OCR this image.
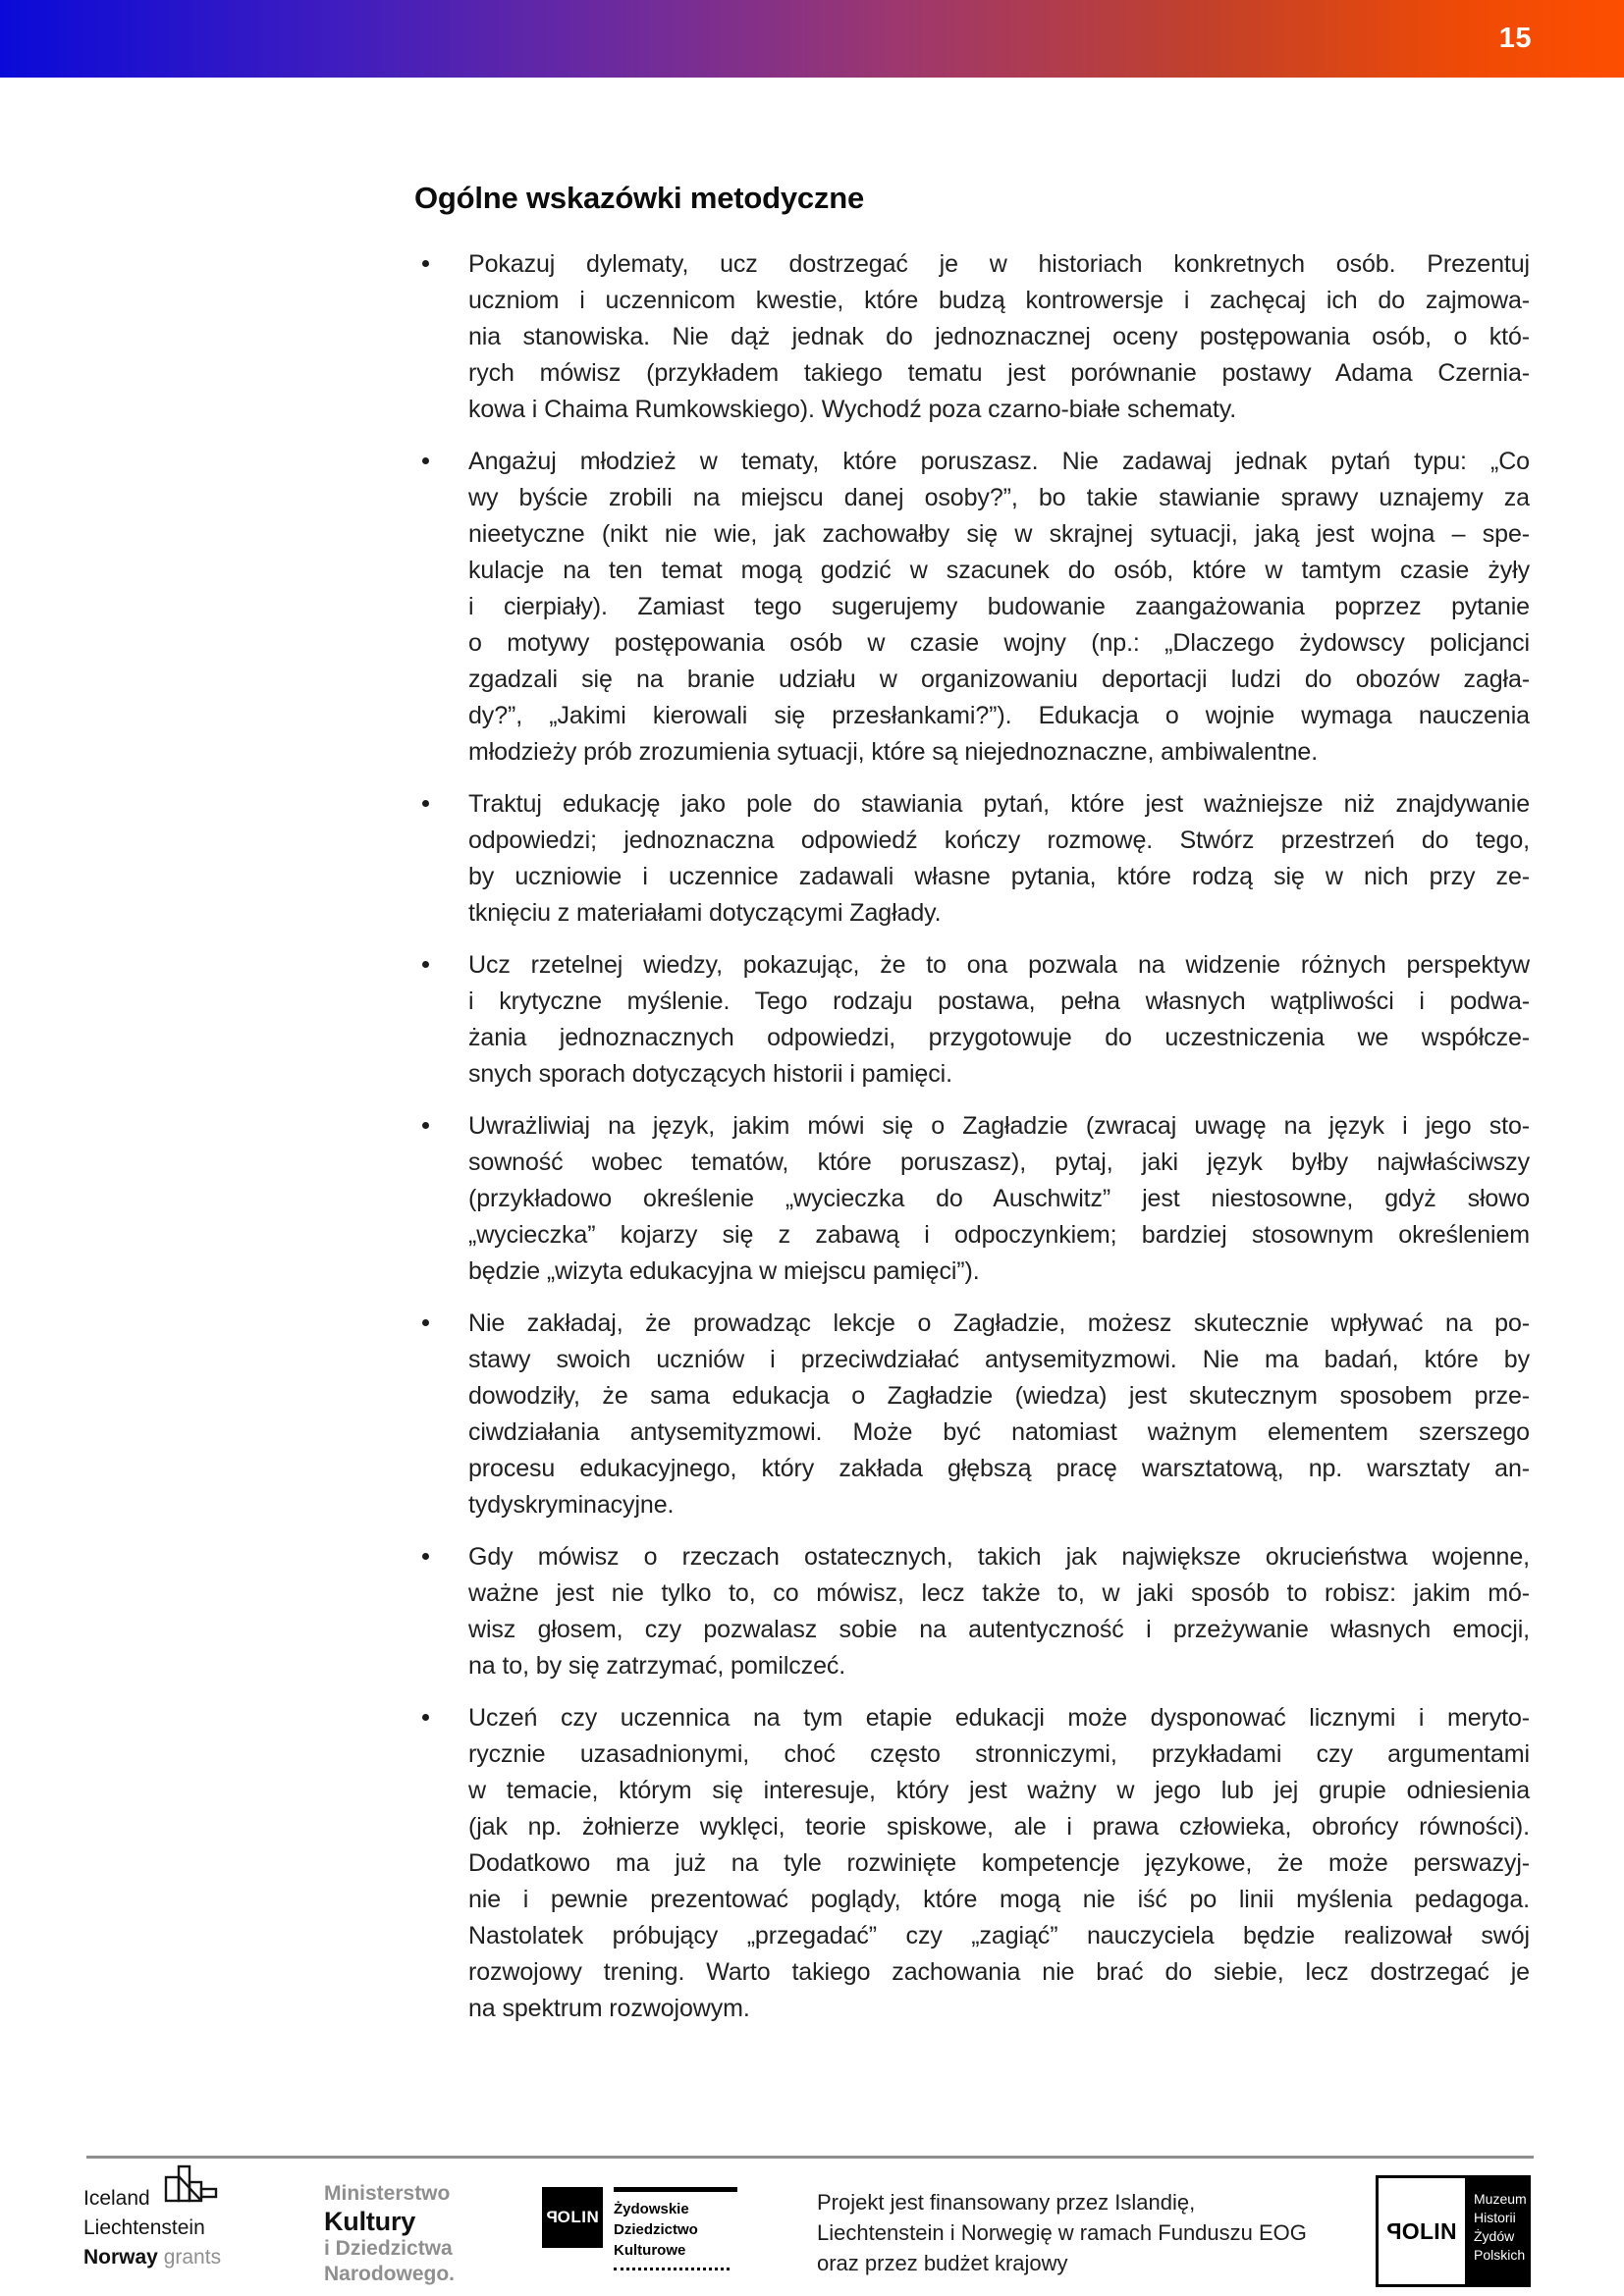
15
Ogólne wskazówki metodyczne
Pokazuj dylematy, ucz dostrzegać je w historiach konkretnych osób. Prezentuj
uczniom i uczennicom kwestie, które budzą kontrowersje i zachęcaj ich do zajmowa-
nia stanowiska. Nie dąż jednak do jednoznacznej oceny postępowania osób, o któ-
rych mówisz (przykładem takiego tematu jest porównanie postawy Adama Czernia-
kowa i Chaima Rumkowskiego). Wychodź poza czarno-białe schematy.
Angażuj młodzież w tematy, które poruszasz. Nie zadawaj jednak pytań typu: „Co
wy byście zrobili na miejscu danej osoby?”, bo takie stawianie sprawy uznajemy za
nieetyczne (nikt nie wie, jak zachowałby się w skrajnej sytuacji, jaką jest wojna – spe-
kulacje na ten temat mogą godzić w szacunek do osób, które w tamtym czasie żyły
i cierpiały). Zamiast tego sugerujemy budowanie zaangażowania poprzez pytanie
o motywy postępowania osób w czasie wojny (np.: „Dlaczego żydowscy policjanci
zgadzali się na branie udziału w organizowaniu deportacji ludzi do obozów zagła-
dy?”, „Jakimi kierowali się przesłankami?”). Edukacja o wojnie wymaga nauczenia
młodzieży prób zrozumienia sytuacji, które są niejednoznaczne, ambiwalentne.
Traktuj edukację jako pole do stawiania pytań, które jest ważniejsze niż znajdywanie
odpowiedzi; jednoznaczna odpowiedź kończy rozmowę. Stwórz przestrzeń do tego,
by uczniowie i uczennice zadawali własne pytania, które rodzą się w nich przy ze-
tknięciu z materiałami dotyczącymi Zagłady.
Ucz rzetelnej wiedzy, pokazując, że to ona pozwala na widzenie różnych perspektyw
i krytyczne myślenie. Tego rodzaju postawa, pełna własnych wątpliwości i podwa-
żania jednoznacznych odpowiedzi, przygotowuje do uczestniczenia we współcze-
snych sporach dotyczących historii i pamięci.
Uwrażliwiaj na język, jakim mówi się o Zagładzie (zwracaj uwagę na język i jego sto-
sowność wobec tematów, które poruszasz), pytaj, jaki język byłby najwłaściwszy
(przykładowo określenie „wycieczka do Auschwitz” jest niestosowne, gdyż słowo
„wycieczka” kojarzy się z zabawą i odpoczynkiem; bardziej stosownym określeniem
będzie „wizyta edukacyjna w miejscu pamięci”).
Nie zakładaj, że prowadząc lekcje o Zagładzie, możesz skutecznie wpływać na po-
stawy swoich uczniów i przeciwdziałać antysemityzmowi. Nie ma badań, które by
dowodziły, że sama edukacja o Zagładzie (wiedza) jest skutecznym sposobem prze-
ciwdziałania antysemityzmowi. Może być natomiast ważnym elementem szerszego
procesu edukacyjnego, który zakłada głębszą pracę warsztatową, np. warsztaty an-
tydyskryminacyjne.
Gdy mówisz o rzeczach ostatecznych, takich jak największe okrucieństwa wojenne,
ważne jest nie tylko to, co mówisz, lecz także to, w jaki sposób to robisz: jakim mó-
wisz głosem, czy pozwalasz sobie na autentyczność i przeżywanie własnych emocji,
na to, by się zatrzymać, pomilczeć.
Uczeń czy uczennica na tym etapie edukacji może dysponować licznymi i meryto-
rycznie uzasadnionymi, choć często stronniczymi, przykładami czy argumentami
w temacie, którym się interesuje, który jest ważny w jego lub jej grupie odniesienia
(jak np. żołnierze wyklęci, teorie spiskowe, ale i prawa człowieka, obrońcy równości).
Dodatkowo ma już na tyle rozwinięte kompetencje językowe, że może perswazyj-
nie i pewnie prezentować poglądy, które mogą nie iść po linii myślenia pedagoga.
Nastolatek próbujący „przegadać” czy „zagiąć” nauczyciela będzie realizował swój
rozwojowy trening. Warto takiego zachowania nie brać do siebie, lecz dostrzegać je
na spektrum rozwojowym.
Iceland
Liechtenstein
Norway grants
Ministerstwo
Kultury
i Dziedzictwa
Narodowego.
P OLIN Żydowskie
Dziedzictwo
Kulturowe
Projekt jest finansowany przez Islandię,
Liechtenstein i Norwegię w ramach Funduszu EOG
oraz przez budżet krajowy
P OLIN
Muzeum
Historii
Żydów
Polskich
